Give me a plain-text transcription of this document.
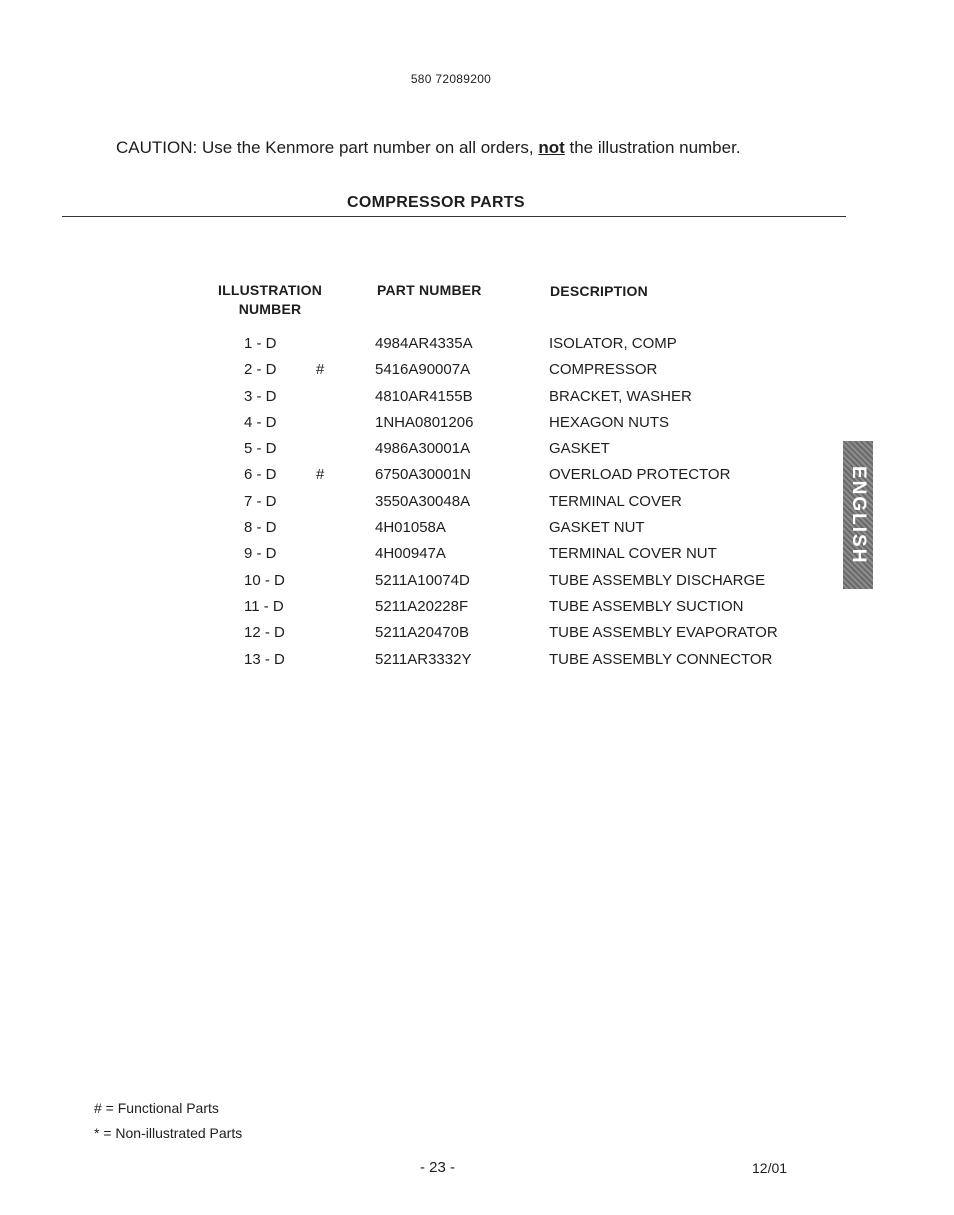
580 72089200
CAUTION: Use the Kenmore part number on all orders, not the illustration number.
COMPRESSOR PARTS
ILLUSTRATION
NUMBER
PART NUMBER	DESCRIPTION
1 - D	4984AR4335A	ISOLATOR, COMP
2 - D	#	5416A90007A	COMPRESSOR
3 - D	4810AR4155B	BRACKET, WASHER
4 - D	1NHA0801206	HEXAGON NUTS
5 - D	4986A30001A	GASKET
6 - D	#	6750A30001N	OVERLOAD PROTECTOR
7 - D	3550A30048A	TERMINAL COVER
8 - D	4H01058A	GASKET NUT
9 - D	4H00947A	TERMINAL COVER NUT
10 - D	5211A10074D	TUBE ASSEMBLY DISCHARGE
11 - D	5211A20228F	TUBE ASSEMBLY SUCTION
12 - D	5211A20470B	TUBE ASSEMBLY EVAPORATOR
13 - D	5211AR3332Y	TUBE ASSEMBLY CONNECTOR
ENGLISH
# = Functional Parts
* = Non-illustrated Parts
- 23 -	12/01
